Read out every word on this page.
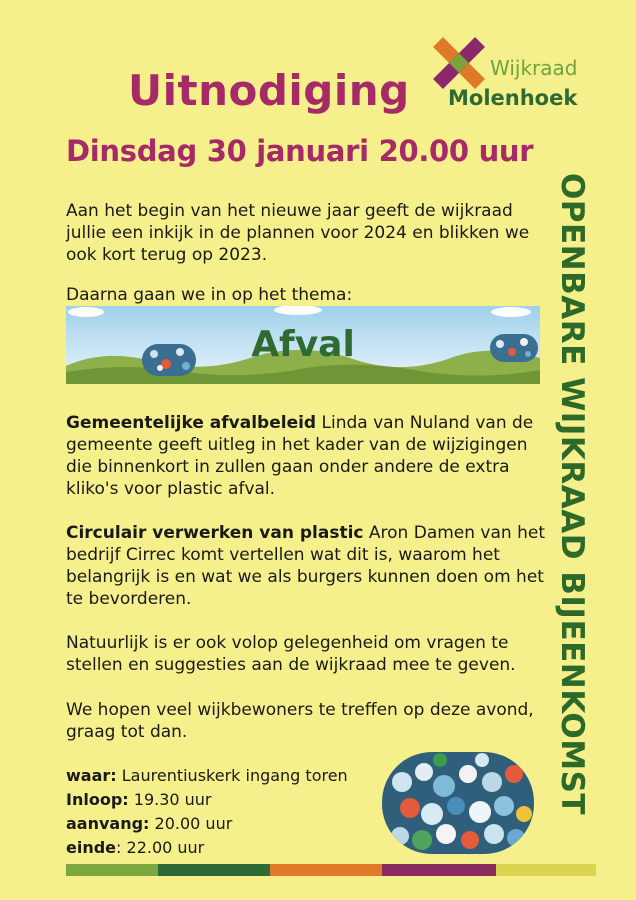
Wijkraad
Molenhoek
Uitnodiging
Dinsdag 30 januari 20.00 uur
OPENBARE WIJKRAAD BIJEENKOMST

Aan het begin van het nieuwe jaar geeft de wijkraad jullie een inkijk in de plannen voor 2024 en blikken we ook kort terug op 2023.

Daarna gaan we in op het thema:

Afval

Gemeentelijke afvalbeleid Linda van Nuland van de gemeente geeft uitleg in het kader van de wijzigingen die binnenkort in zullen gaan onder andere de extra kliko's voor plastic afval.

Circulair verwerken van plastic Aron Damen van het bedrijf Cirrec komt vertellen wat dit is, waarom het belangrijk is en wat we als burgers kunnen doen om het te bevorderen.

Natuurlijk is er ook volop gelegenheid om vragen te stellen en suggesties aan de wijkraad mee te geven.

We hopen veel wijkbewoners te treffen op deze avond, graag tot dan.

waar: Laurentiuskerk ingang toren
Inloop: 19.30 uur
aanvang: 20.00 uur
einde: 22.00 uur
